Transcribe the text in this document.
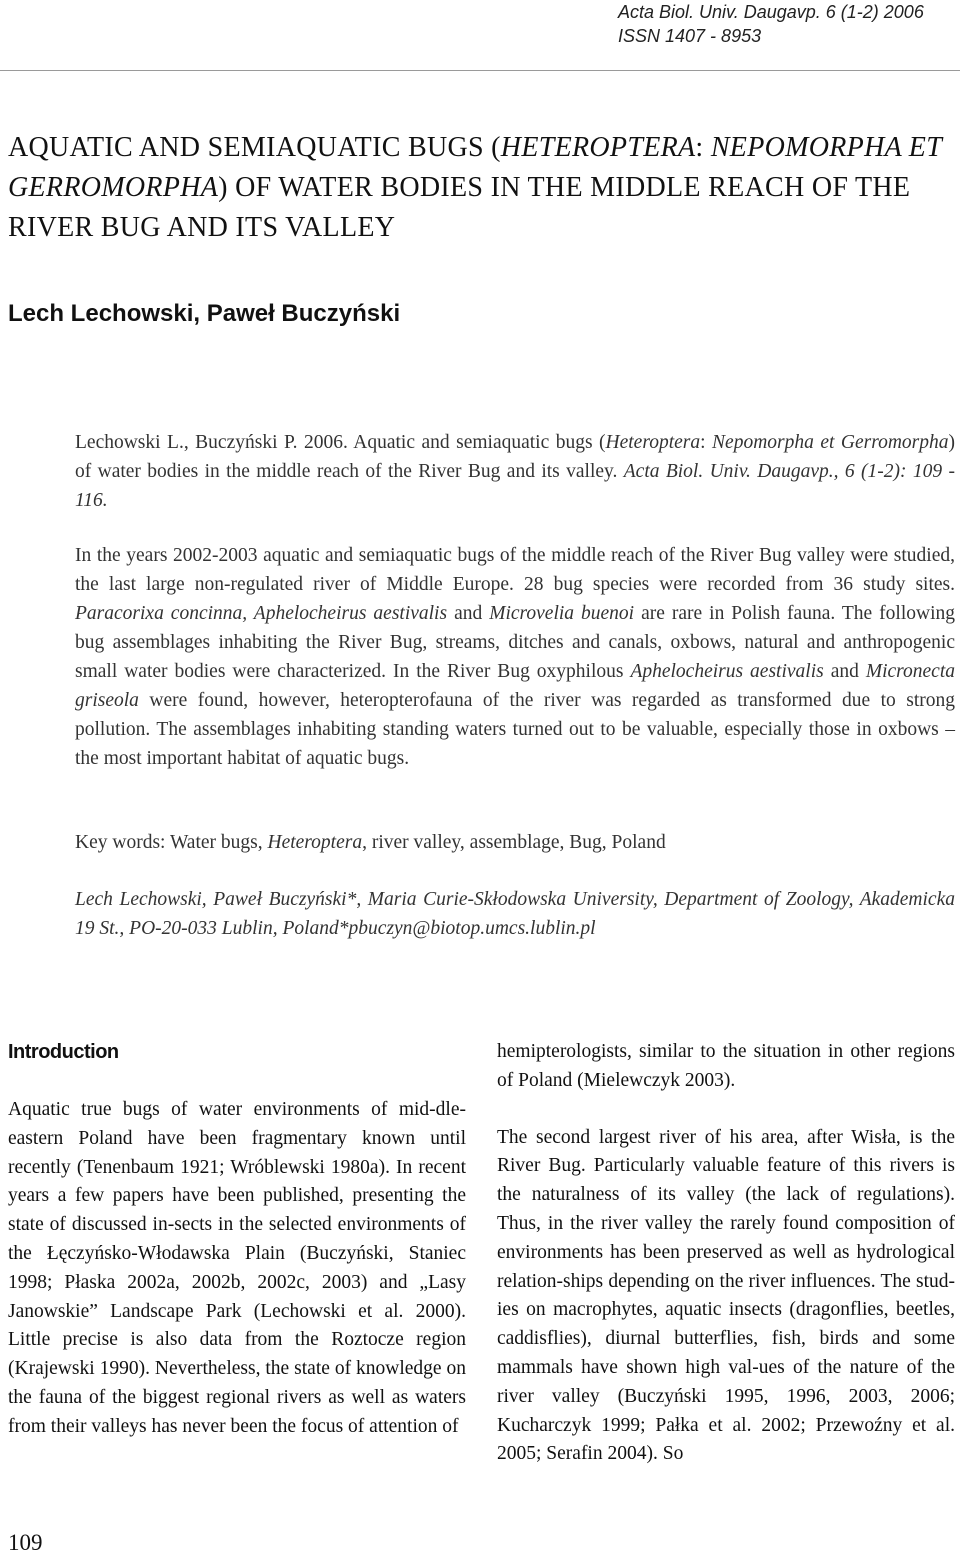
Acta Biol. Univ. Daugavp. 6 (1-2) 2006
ISSN 1407 - 8953
AQUATIC AND SEMIAQUATIC BUGS (HETEROPTERA: NEPOMORPHA ET GERROMORPHA) OF WATER BODIES IN THE MIDDLE REACH OF THE RIVER BUG AND ITS VALLEY
Lech Lechowski, Paweł Buczyński

Lechowski L., Buczyński P. 2006. Aquatic and semiaquatic bugs (Heteroptera: Nepomorpha et Gerromorpha) of water bodies in the middle reach of the River Bug and its valley. Acta Biol. Univ. Daugavp., 6 (1-2): 109 - 116.

In the years 2002-2003 aquatic and semiaquatic bugs of the middle reach of the River Bug valley were studied, the last large non-regulated river of Middle Europe. 28 bug species were recorded from 36 study sites. Paracorixa concinna, Aphelocheirus aestivalis and Microvelia buenoi are rare in Polish fauna. The following bug assemblages inhabiting the River Bug, streams, ditches and canals, oxbows, natural and anthropogenic small water bodies were characterized. In the River Bug oxyphilous Aphelocheirus aestivalis and Micronecta griseola were found, however, heteropterofauna of the river was regarded as transformed due to strong pollution. The assemblages inhabiting standing waters turned out to be valuable, especially those in oxbows – the most important habitat of aquatic bugs.

Key words: Water bugs, Heteroptera, river valley, assemblage, Bug, Poland

Lech Lechowski, Paweł Buczyński*, Maria Curie-Skłodowska University, Department of Zoology, Akademicka 19 St., PO-20-033 Lublin, Poland*pbuczyn@biotop.umcs.lublin.pl

Introduction

Aquatic true bugs of water environments of mid-dle-eastern Poland have been fragmentary known until recently (Tenenbaum 1921; Wróblewski 1980a). In recent years a few papers have been published, presenting the state of discussed in-sects in the selected environments of the Łęczyńsko-Włodawska Plain (Buczyński, Staniec 1998; Płaska 2002a, 2002b, 2002c, 2003) and „Lasy Janowskie” Landscape Park (Lechowski et al. 2000). Little precise is also data from the Roztocze region (Krajewski 1990). Nevertheless, the state of knowledge on the fauna of the biggest regional rivers as well as waters from their valleys has never been the focus of attention of

hemipterologists, similar to the situation in other regions of Poland (Mielewczyk 2003).

The second largest river of his area, after Wisła, is the River Bug. Particularly valuable feature of this rivers is the naturalness of its valley (the lack of regulations). Thus, in the river valley the rarely found composition of environments has been preserved as well as hydrological relation-ships depending on the river influences. The stud-ies on macrophytes, aquatic insects (dragonflies, beetles, caddisflies), diurnal butterflies, fish, birds and some mammals have shown high val-ues of the nature of the river valley (Buczyński 1995, 1996, 2003, 2006; Kucharczyk 1999; Pałka et al. 2002; Przewoźny et al. 2005; Serafin 2004). So

109
